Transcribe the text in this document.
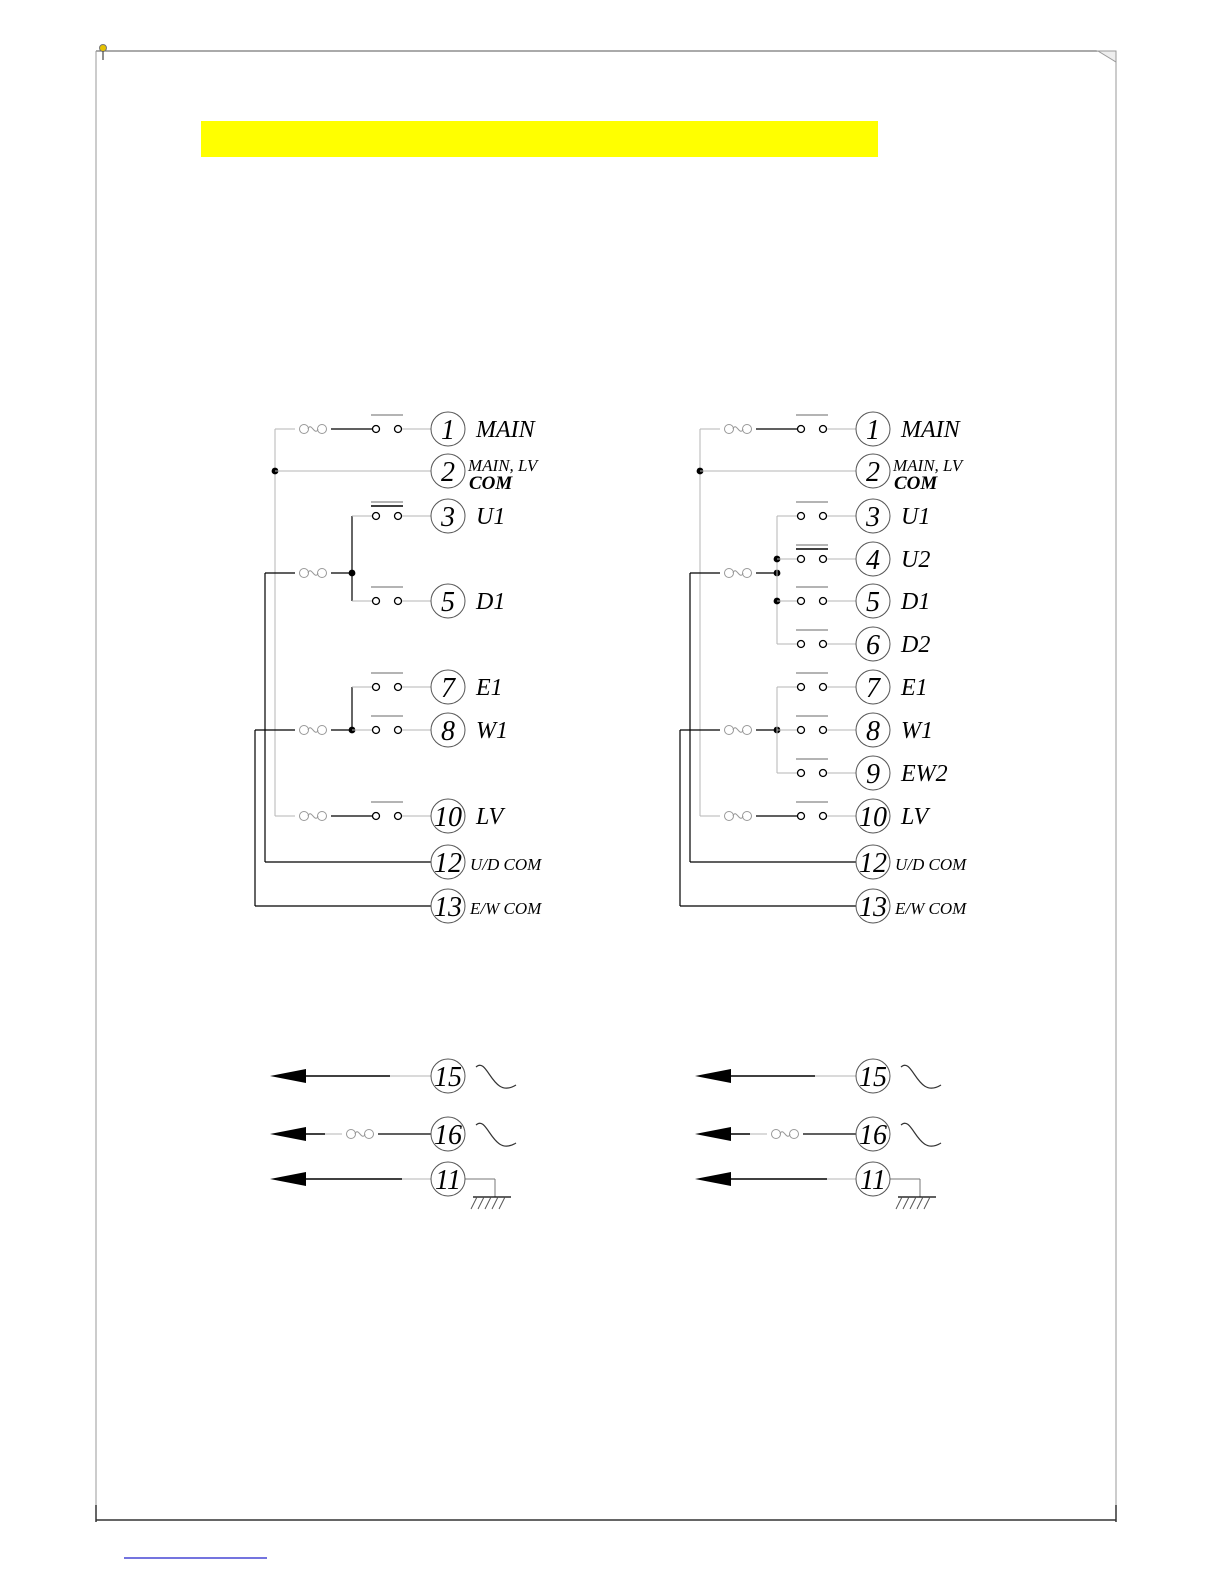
1 MAIN
2 MAIN, LV
COM
3 U1
5 D1
7 E1
8 W1
10 LV
12 U/D COM
13 E/W COM
15
16
11
1 MAIN
2 MAIN, LV
COM
3 U1
4 U2
5 D1
6 D2
7 E1
8 W1
9 EW2
10 LV
12 U/D COM
13 E/W COM
15
16
11
